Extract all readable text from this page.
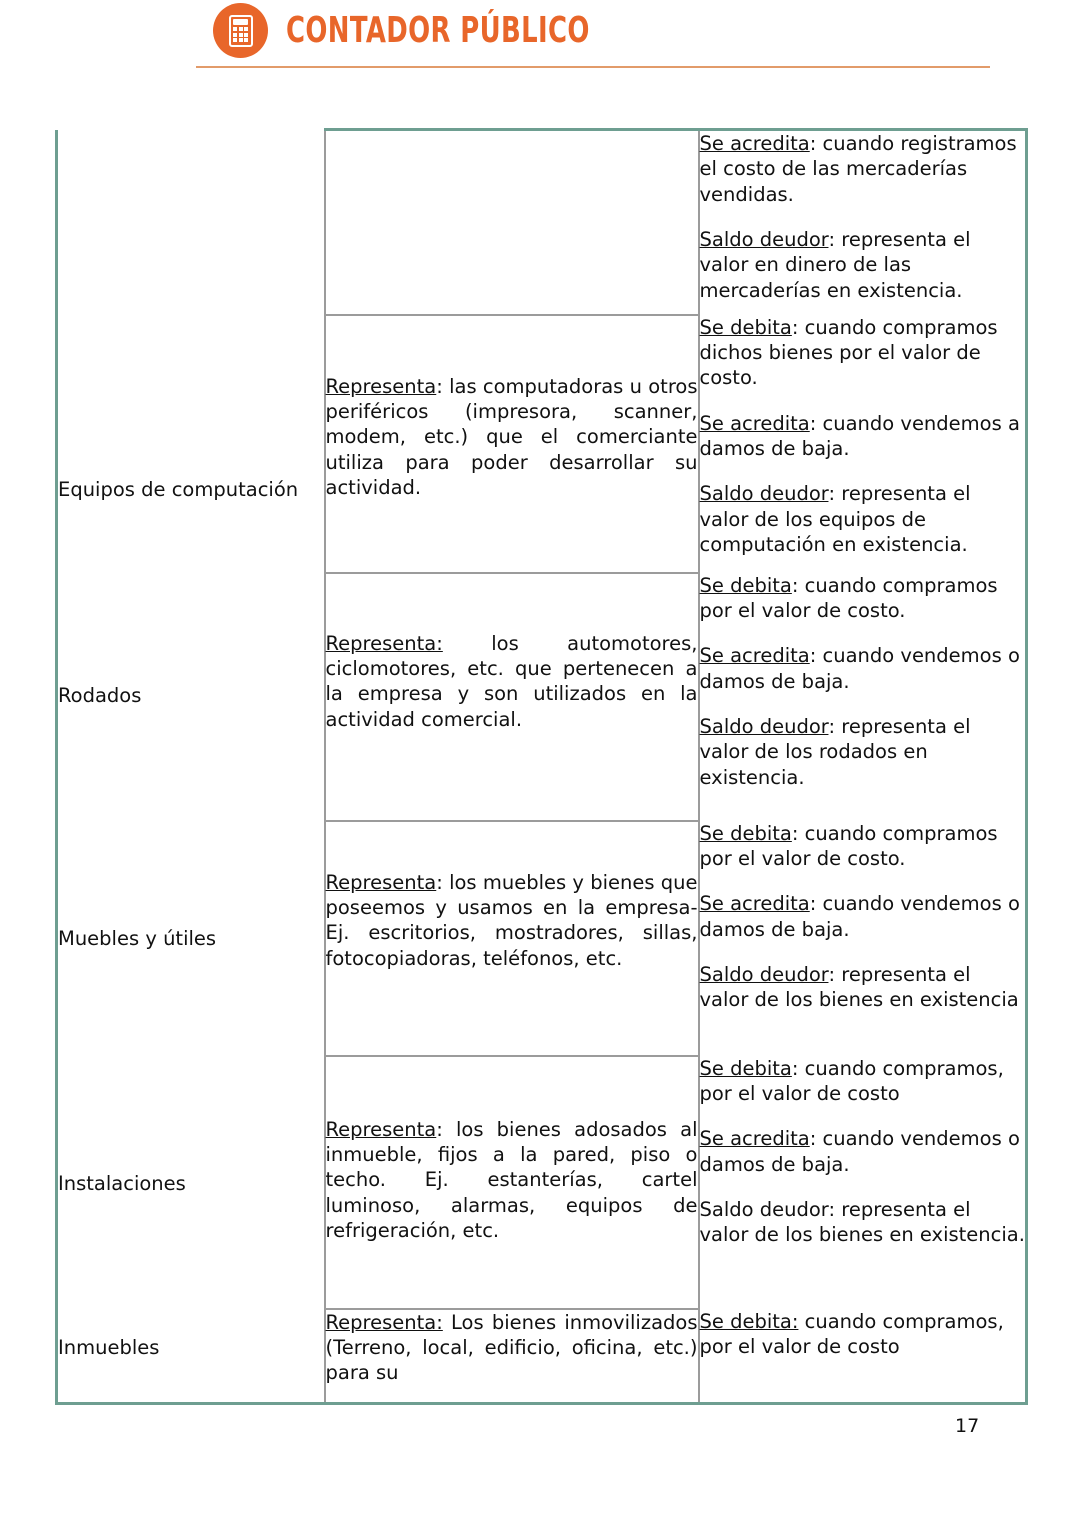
CONTADOR PÚBLICO

		Se acredita: cuando registramos el costo de las mercaderías vendidas.

Saldo deudor: representa el valor en dinero de las mercaderías en existencia.

Equipos de computación	Representa: las computadoras u otros periféricos (impresora, scanner, modem, etc.) que el comerciante utiliza para poder desarrollar su actividad.	Se debita: cuando compramos dichos bienes por el valor de costo.

Se acredita: cuando vendemos a damos de baja.

Saldo deudor: representa el valor de los equipos de computación en existencia.

Rodados	Representa: los automotores, ciclomotores, etc. que pertenecen a la empresa y son utilizados en la actividad comercial.	Se debita: cuando compramos por el valor de costo.

Se acredita: cuando vendemos o damos de baja.

Saldo deudor: representa el valor de los rodados en existencia.

Muebles y útiles	Representa: los muebles y bienes que poseemos y usamos en la empresa- Ej. escritorios, mostradores, sillas, fotocopiadoras, teléfonos, etc.	Se debita: cuando compramos por el valor de costo.

Se acredita: cuando vendemos o damos de baja.

Saldo deudor: representa el valor de los bienes en existencia

Instalaciones	Representa: los bienes adosados al inmueble, fijos a la pared, piso o techo. Ej. estanterías, cartel luminoso, alarmas, equipos de refrigeración, etc.	Se debita: cuando compramos, por el valor de costo

Se acredita: cuando vendemos o damos de baja.

Saldo deudor: representa el valor de los bienes en existencia.

Inmuebles	Representa: Los bienes inmovilizados (Terreno, local, edificio, oficina, etc.) para su	Se debita: cuando compramos, por el valor de costo

17
